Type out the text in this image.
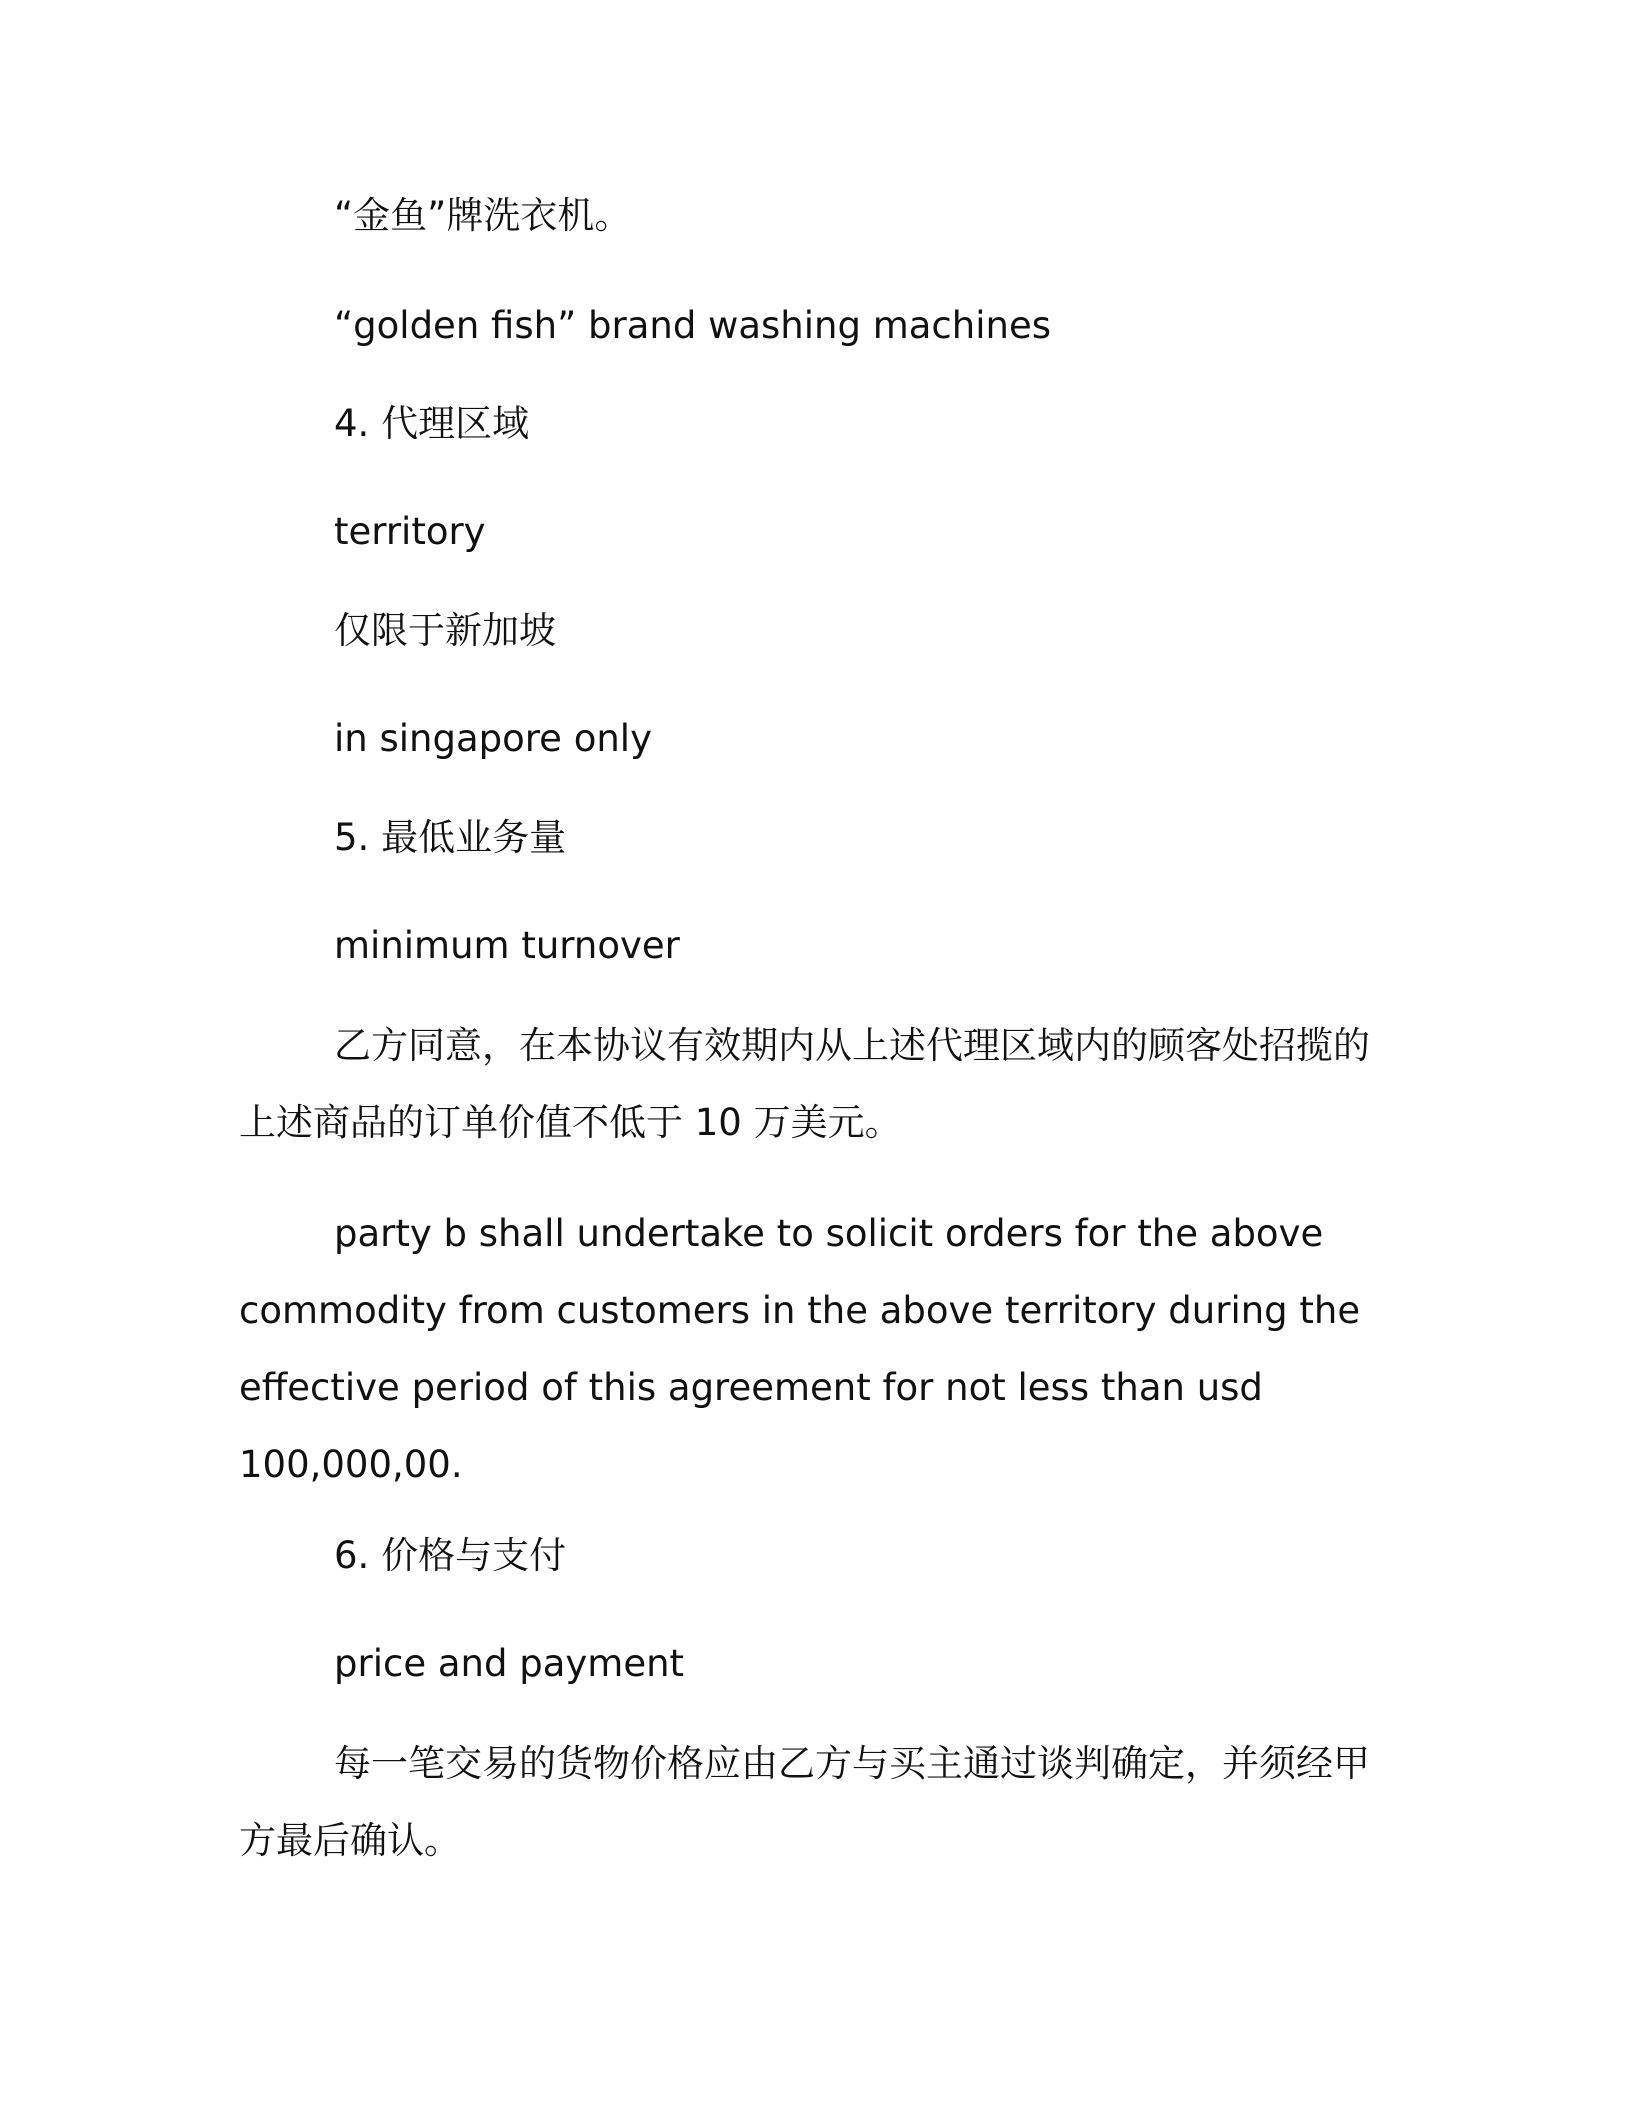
“金鱼”牌洗衣机。
“golden fish” brand washing machines
4. 代理区域
territory
仅限于新加坡
in singapore only
5. 最低业务量
minimum turnover

乙方同意，在本协议有效期内从上述代理区域内的顾客处招揽的上述商品的订单价值不低于 10 万美元。

party b shall undertake to solicit orders for the above commodity from customers in the above territory during the effective period of this agreement for not less than usd 100,000,00.

6. 价格与支付
price and payment

每一笔交易的货物价格应由乙方与买主通过谈判确定，并须经甲方最后确认。
